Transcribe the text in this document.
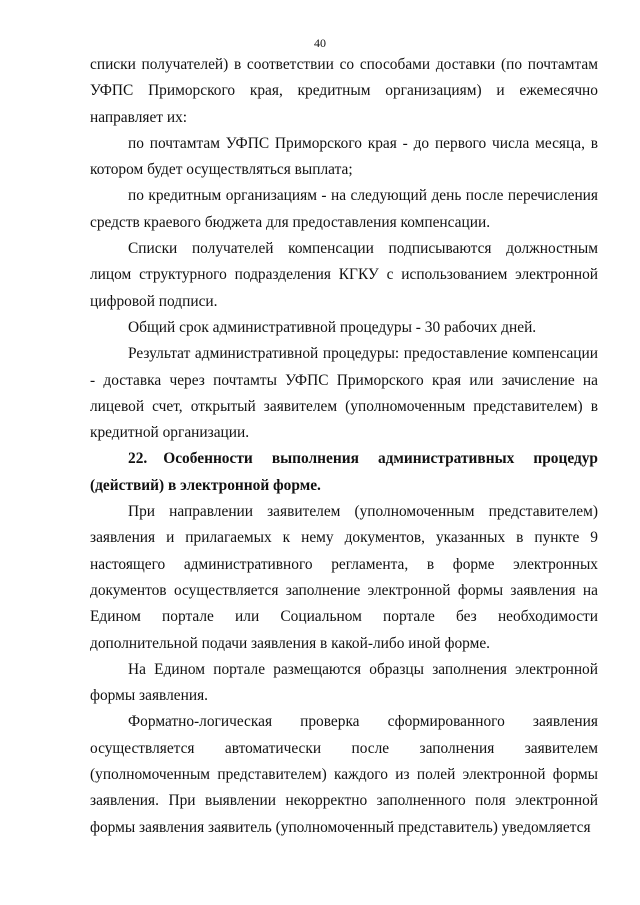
40

списки получателей) в соответствии со способами доставки (по почтамтам УФПС Приморского края, кредитным организациям) и ежемесячно направляет их:

по почтамтам УФПС Приморского края - до первого числа месяца, в котором будет осуществляться выплата;

по кредитным организациям - на следующий день после перечисления средств краевого бюджета для предоставления компенсации.

Списки получателей компенсации подписываются должностным лицом структурного подразделения КГКУ с использованием электронной цифровой подписи.

Общий срок административной процедуры - 30 рабочих дней.

Результат административной процедуры: предоставление компенсации - доставка через почтамты УФПС Приморского края или зачисление на лицевой счет, открытый заявителем (уполномоченным представителем) в кредитной организации.

22. Особенности выполнения административных процедур (действий) в электронной форме.

При направлении заявителем (уполномоченным представителем) заявления и прилагаемых к нему документов, указанных в пункте 9 настоящего административного регламента, в форме электронных документов осуществляется заполнение электронной формы заявления на Едином портале или Социальном портале без необходимости дополнительной подачи заявления в какой-либо иной форме.

На Едином портале размещаются образцы заполнения электронной формы заявления.

Форматно-логическая проверка сформированного заявления осуществляется автоматически после заполнения заявителем (уполномоченным представителем) каждого из полей электронной формы заявления. При выявлении некорректно заполненного поля электронной формы заявления заявитель (уполномоченный представитель) уведомляется
